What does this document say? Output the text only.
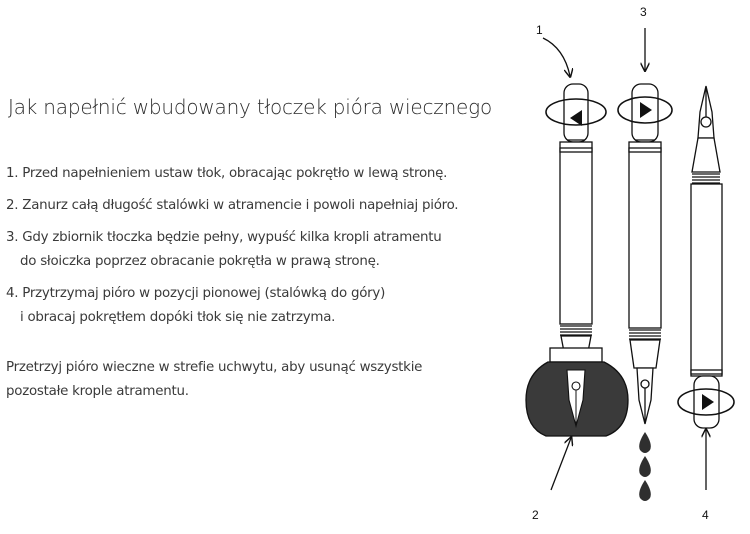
Jak napełnić wbudowany tłoczek pióra wiecznego
1. Przed napełnieniem ustaw tłok, obracając pokrętło w lewą stronę.
2. Zanurz całą długość stalówki w atramencie i powoli napełniaj pióro.
3. Gdy zbiornik tłoczka będzie pełny, wypuść kilka kropli atramentu
do słoiczka poprzez obracanie pokrętła w prawą stronę.
4. Przytrzymaj pióro w pozycji pionowej (stalówką do góry)
i obracaj pokrętłem dopóki tłok się nie zatrzyma.
Przetrzyj pióro wieczne w strefie uchwytu, aby usunąć wszystkie
pozostałe krople atramentu.
1
2
3
4
